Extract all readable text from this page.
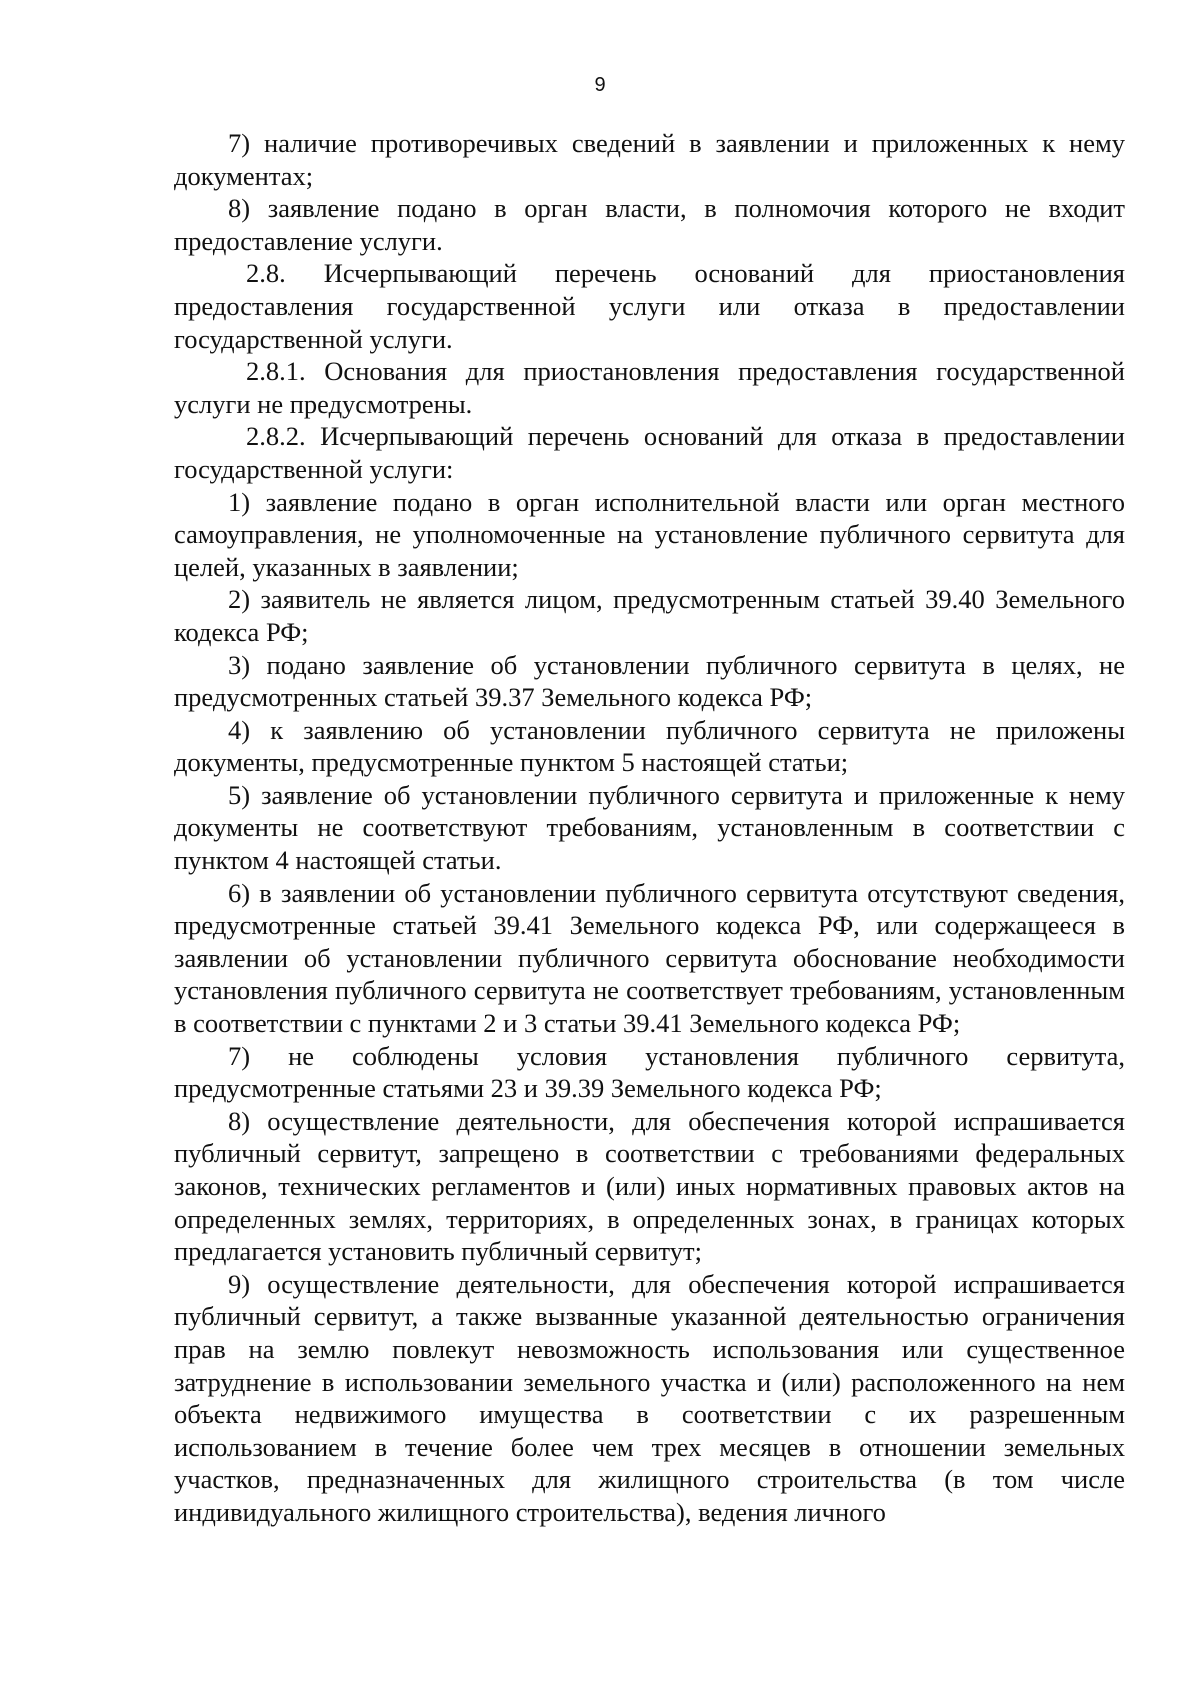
9

7) наличие противоречивых сведений в заявлении и приложенных к нему документах;

8) заявление подано в орган власти, в полномочия которого не входит предоставление услуги.

2.8. Исчерпывающий перечень оснований для приостановления предоставления государственной услуги или отказа в предоставлении государственной услуги.

2.8.1. Основания для приостановления предоставления государственной услуги не предусмотрены.

2.8.2. Исчерпывающий перечень оснований для отказа в предоставлении государственной услуги:

1) заявление подано в орган исполнительной власти или орган местного самоуправления, не уполномоченные на установление публичного сервитута для целей, указанных в заявлении;

2) заявитель не является лицом, предусмотренным статьей 39.40 Земельного кодекса РФ;

3) подано заявление об установлении публичного сервитута в целях, не предусмотренных статьей 39.37 Земельного кодекса РФ;

4) к заявлению об установлении публичного сервитута не приложены документы, предусмотренные пунктом 5 настоящей статьи;

5) заявление об установлении публичного сервитута и приложенные к нему документы не соответствуют требованиям, установленным в соответствии с пунктом 4 настоящей статьи.

6) в заявлении об установлении публичного сервитута отсутствуют сведения, предусмотренные статьей 39.41 Земельного кодекса РФ, или содержащееся в заявлении об установлении публичного сервитута обоснование необходимости установления публичного сервитута не соответствует требованиям, установленным в соответствии с пунктами 2 и 3 статьи 39.41 Земельного кодекса РФ;

7) не соблюдены условия установления публичного сервитута, предусмотренные статьями 23 и 39.39 Земельного кодекса РФ;

8) осуществление деятельности, для обеспечения которой испрашивается публичный сервитут, запрещено в соответствии с требованиями федеральных законов, технических регламентов и (или) иных нормативных правовых актов на определенных землях, территориях, в определенных зонах, в границах которых предлагается установить публичный сервитут;

9) осуществление деятельности, для обеспечения которой испрашивается публичный сервитут, а также вызванные указанной деятельностью ограничения прав на землю повлекут невозможность использования или существенное затруднение в использовании земельного участка и (или) расположенного на нем объекта недвижимого имущества в соответствии с их разрешенным использованием в течение более чем трех месяцев в отношении земельных участков, предназначенных для жилищного строительства (в том числе индивидуального жилищного строительства), ведения личного
